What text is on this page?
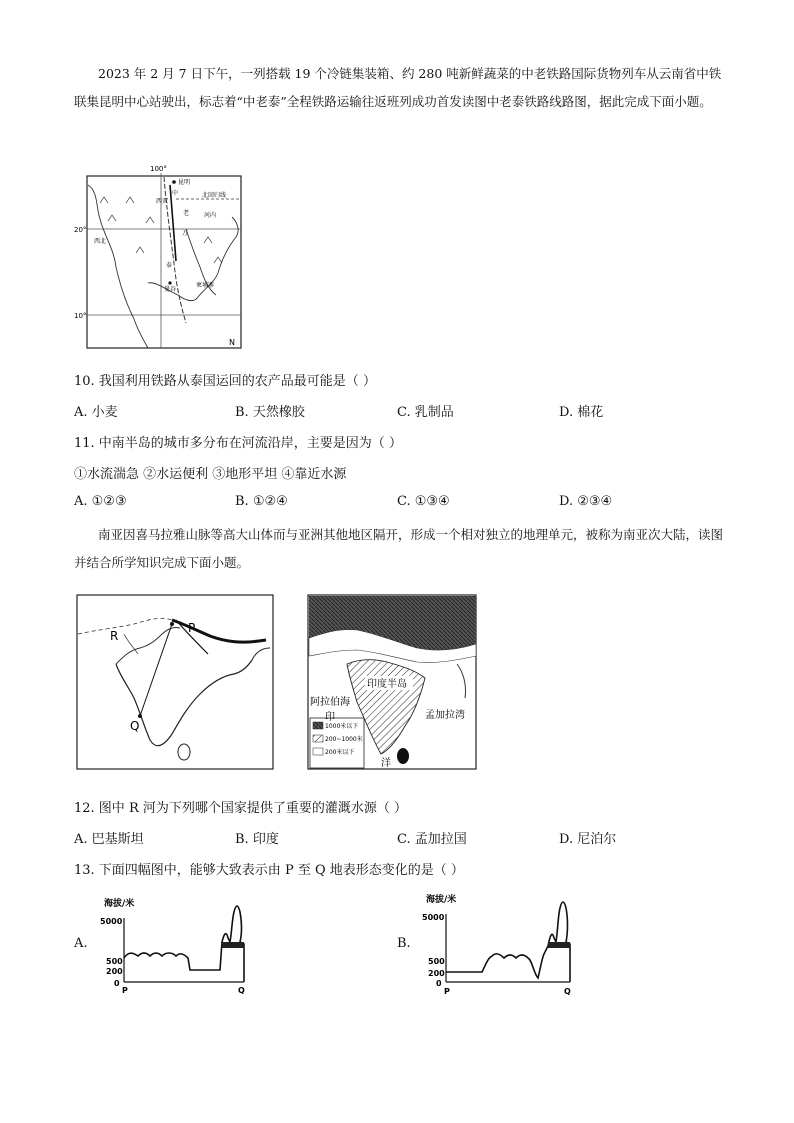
2023 年 2 月 7 日下午，一列搭载 19 个冷链集装箱、约 280 吨新鲜蔬菜的中老铁路国际货物列车从云南省中铁联集昆明中心站驶出，标志着“中老泰”全程铁路运输往返班列成功首发读图中老泰铁路线路图，据此完成下面小题。
100°
20°
10°
昆明
北回归线
中
西双
老 河内
西北
万
泰
曼谷
柬埔寨
N
10. 我国利用铁路从泰国运回的农产品最可能是（ ）
A. 小麦	B. 天然橡胶	C. 乳制品	D. 棉花
11. 中南半岛的城市多分布在河流沿岸，主要是因为（ ）
①水流湍急 ②水运便利 ③地形平坦 ④靠近水源
A. ①②③	B. ①②④	C. ①③④	D. ②③④
南亚因喜马拉雅山脉等高大山体而与亚洲其他地区隔开，形成一个相对独立的地理单元，被称为南亚次大陆，读图并结合所学知识完成下面小题。
R
P
Q	1000米以下
200~1000米
200米以下
印度半岛
阿拉伯海
印	孟加拉湾
洋
12. 图中 R 河为下列哪个国家提供了重要的灌溉水源（ ）
A. 巴基斯坦	B. 印度	C. 孟加拉国	D. 尼泊尔
13. 下面四幅图中，能够大致表示由 P 至 Q 地表形态变化的是（ ）
A.	B.
海拔/米
5000
500
200
0
P	Q
海拔/米
5000
500
200
0
P	Q
